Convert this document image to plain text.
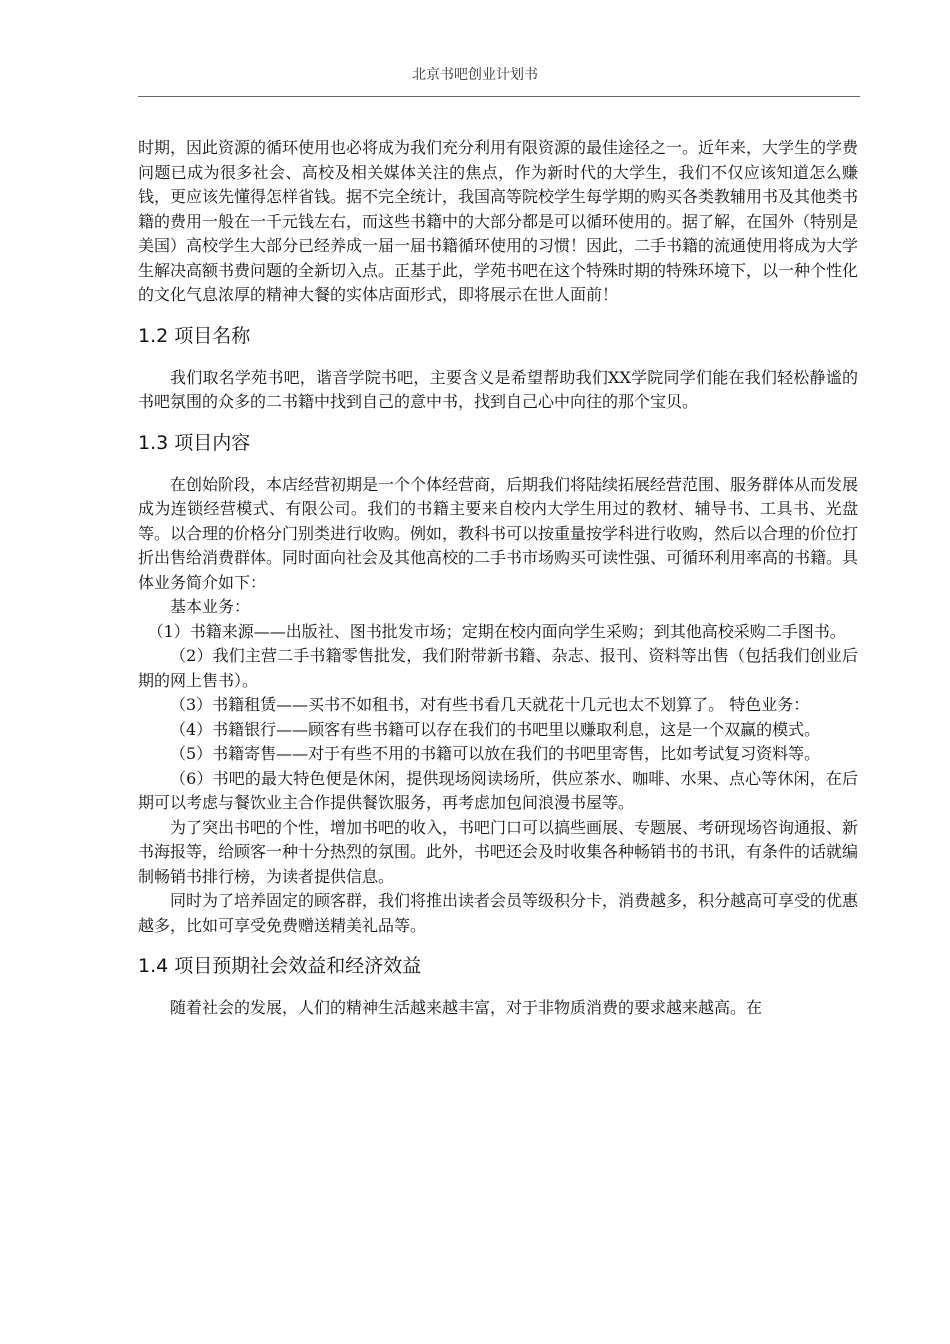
北京书吧创业计划书

时期，因此资源的循环使用也必将成为我们充分利用有限资源的最佳途径之一。近年来，大学生的学费问题已成为很多社会、高校及相关媒体关注的焦点，作为新时代的大学生，我们不仅应该知道怎么赚钱，更应该先懂得怎样省钱。据不完全统计，我国高等院校学生每学期的购买各类教辅用书及其他类书籍的费用一般在一千元钱左右，而这些书籍中的大部分都是可以循环使用的。据了解，在国外（特别是美国）高校学生大部分已经养成一届一届书籍循环使用的习惯！因此，二手书籍的流通使用将成为大学生解决高额书费问题的全新切入点。正基于此，学苑书吧在这个特殊时期的特殊环境下，以一种个性化的文化气息浓厚的精神大餐的实体店面形式，即将展示在世人面前！

1.2 项目名称

我们取名学苑书吧，谐音学院书吧，主要含义是希望帮助我们XX学院同学们能在我们轻松静谧的书吧氛围的众多的二书籍中找到自己的意中书，找到自己心中向往的那个宝贝。

1.3 项目内容

在创始阶段，本店经营初期是一个个体经营商，后期我们将陆续拓展经营范围、服务群体从而发展成为连锁经营模式、有限公司。我们的书籍主要来自校内大学生用过的教材、辅导书、工具书、光盘等。以合理的价格分门别类进行收购。例如，教科书可以按重量按学科进行收购，然后以合理的价位打折出售给消费群体。同时面向社会及其他高校的二手书市场购买可读性强、可循环利用率高的书籍。具体业务简介如下：

基本业务：

（1）书籍来源——出版社、图书批发市场；定期在校内面向学生采购；到其他高校采购二手图书。

（2）我们主营二手书籍零售批发，我们附带新书籍、杂志、报刊、资料等出售（包括我们创业后期的网上售书）。

（3）书籍租赁——买书不如租书，对有些书看几天就花十几元也太不划算了。 特色业务：

（4）书籍银行——顾客有些书籍可以存在我们的书吧里以赚取利息，这是一个双赢的模式。

（5）书籍寄售——对于有些不用的书籍可以放在我们的书吧里寄售，比如考试复习资料等。

（6）书吧的最大特色便是休闲，提供现场阅读场所，供应茶水、咖啡、水果、点心等休闲，在后期可以考虑与餐饮业主合作提供餐饮服务，再考虑加包间浪漫书屋等。

为了突出书吧的个性，增加书吧的收入，书吧门口可以搞些画展、专题展、考研现场咨询通报、新书海报等，给顾客一种十分热烈的氛围。此外，书吧还会及时收集各种畅销书的书讯，有条件的话就编制畅销书排行榜，为读者提供信息。

同时为了培养固定的顾客群，我们将推出读者会员等级积分卡，消费越多，积分越高可享受的优惠越多，比如可享受免费赠送精美礼品等。

1.4 项目预期社会效益和经济效益

随着社会的发展，人们的精神生活越来越丰富，对于非物质消费的要求越来越高。在
